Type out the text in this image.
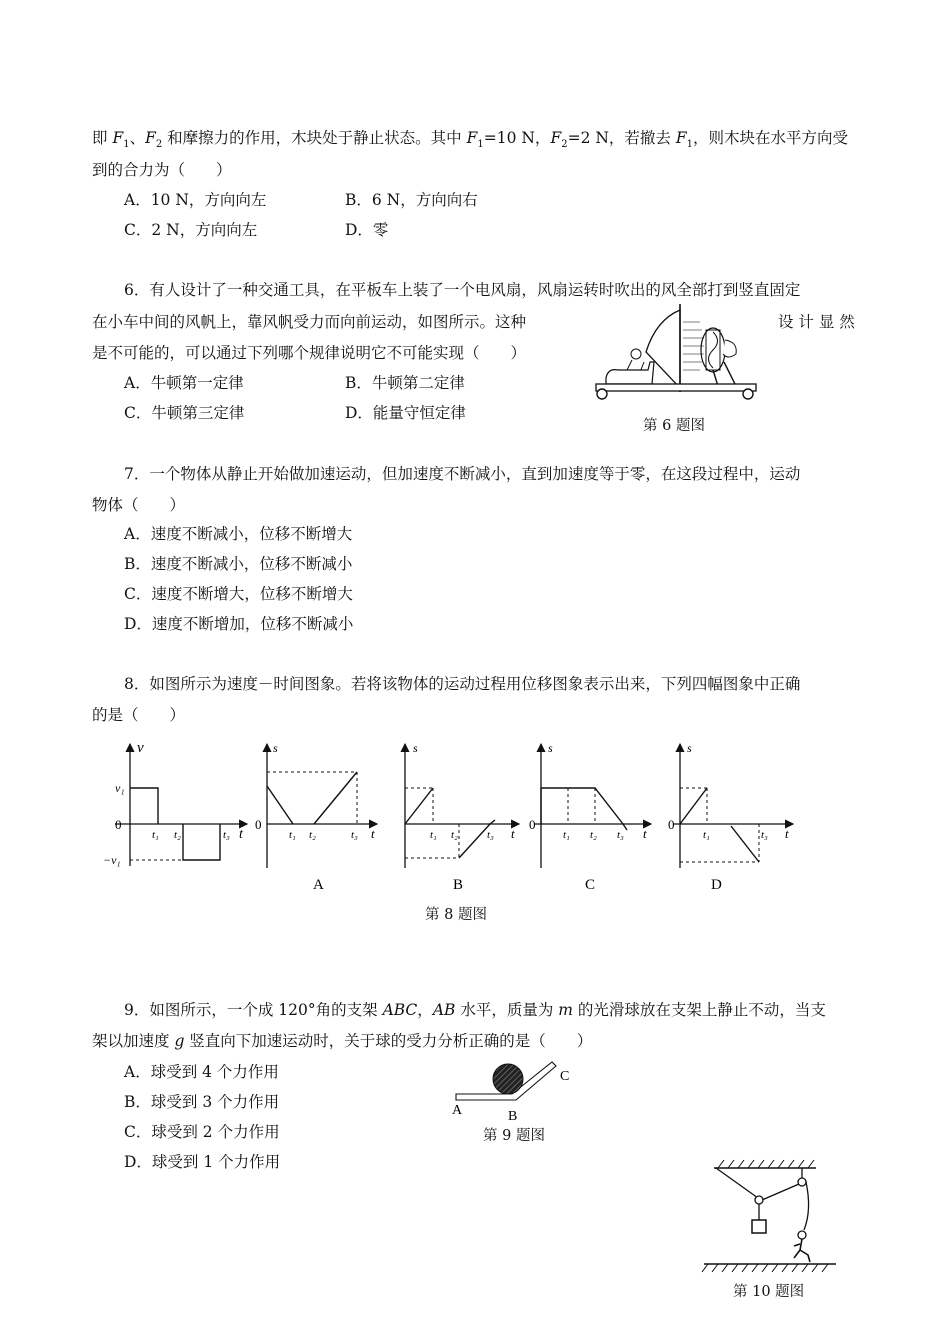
即 $F_1$、$F_2$ 和摩擦力的作用，木块处于静止状态。其中 $F_1=10$ N，$F_2=2$ N，若撤去 $F_1$，则木块在水平方向受
到的合力为（　　）
A．10 N，方向向左	B．6 N，方向向右
C．2 N，方向向左	D．零
6．有人设计了一种交通工具，在平板车上装了一个电风扇，风扇运转时吹出的风全部打到竖直固定
在小车中间的风帆上，靠风帆受力而向前运动，如图所示。这种	设 计 显 然
是不可能的，可以通过下列哪个规律说明它不可能实现（　　）
A．牛顿第一定律	B．牛顿第二定律
C．牛顿第三定律	D．能量守恒定律
第 6 题图
7．一个物体从静止开始做加速运动，但加速度不断减小，直到加速度等于零，在这段过程中，运动
物体（　　）
A．速度不断减小，位移不断增大
B．速度不断减小，位移不断减小
C．速度不断增大，位移不断增大
D．速度不断增加，位移不断减小
8．如图所示为速度－时间图象。若将该物体的运动过程用位移图象表示出来，下列四幅图象中正确
的是（　　）
v
t
v₁
−v₁
0
t₁ t₂	t₃
s
t
0
t₁ t₂	t₃
A
s
t
t₁ t₂	t₃
B
s
t
0
t₁ t₂ t₃
C
s
t
0
t₁	t₃
D
第 8 题图
9．如图所示，一个成 120°角的支架 ABC，AB 水平，质量为 m 的光滑球放在支架上静止不动，当支
架以加速度 g 竖直向下加速运动时，关于球的受力分析正确的是（　　）
A．球受到 4 个力作用
B．球受到 3 个力作用
C．球受到 2 个力作用
D．球受到 1 个力作用
A	B
C
第 9 题图
第 10 题图
